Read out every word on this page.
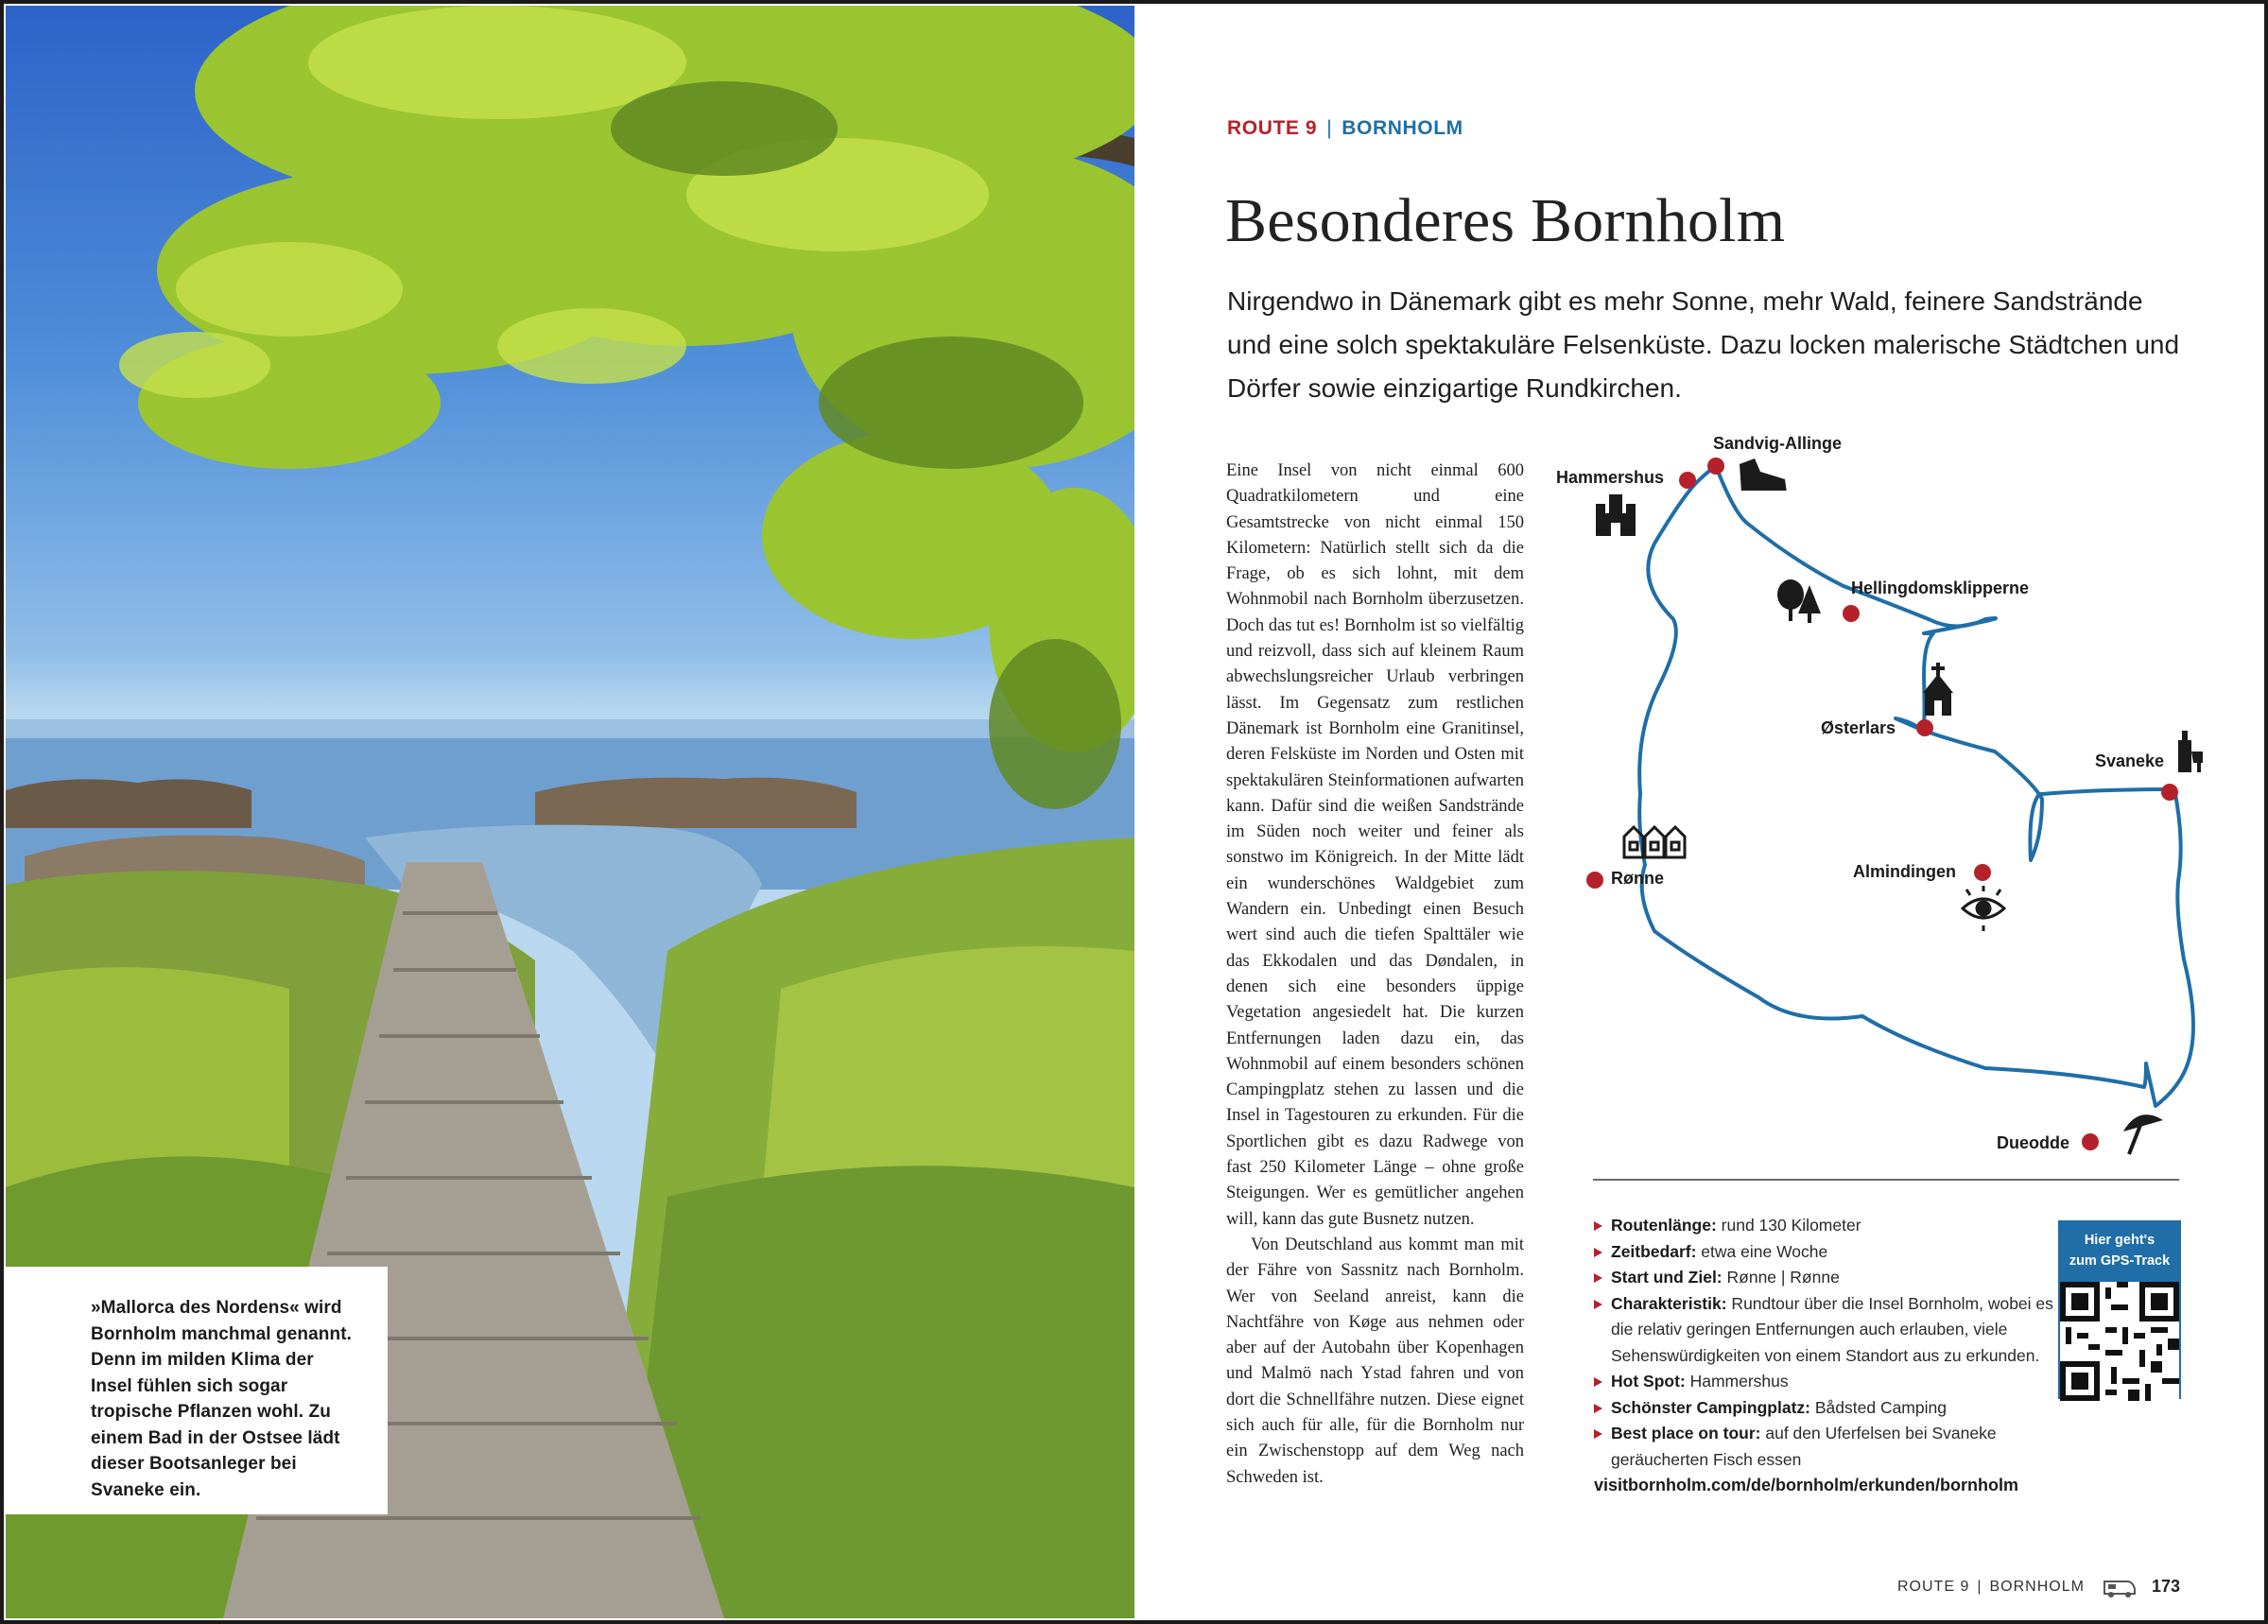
»Mallorca des Nordens« wird Bornholm manchmal genannt. Denn im milden Klima der Insel fühlen sich sogar tropische Pflanzen wohl. Zu einem Bad in der Ostsee lädt dieser Bootsanleger bei Svaneke ein.
ROUTE 9 | BORNHOLM
Besonderes Bornholm

Nirgendwo in Dänemark gibt es mehr Sonne, mehr Wald, feinere Sandstrände und eine solch spektakuläre Felsenküste. Dazu locken malerische Städtchen und Dörfer sowie einzigartige Rundkirchen.

Eine Insel von nicht einmal 600 Quadratkilometern und eine Gesamtstrecke von nicht einmal 150 Kilometern: Natürlich stellt sich da die Frage, ob es sich lohnt, mit dem Wohnmobil nach Bornholm überzusetzen. Doch das tut es! Bornholm ist so vielfältig und reizvoll, dass sich auf kleinem Raum abwechslungsreicher Urlaub verbringen lässt. Im Gegensatz zum restlichen Dänemark ist Bornholm eine Granitinsel, deren Felsküste im Norden und Osten mit spektakulären Steinformationen aufwarten kann. Dafür sind die weißen Sandstrände im Süden noch weiter und feiner als sonstwo im Königreich. In der Mitte lädt ein wunderschönes Waldgebiet zum Wandern ein. Unbedingt einen Besuch wert sind auch die tiefen Spalttäler wie das Ekkodalen und das Døndalen, in denen sich eine besonders üppige Vegetation angesiedelt hat. Die kurzen Entfernungen laden dazu ein, das Wohnmobil auf einem besonders schönen Campingplatz stehen zu lassen und die Insel in Tagestouren zu erkunden. Für die Sportlichen gibt es dazu Radwege von fast 250 Kilometer Länge – ohne große Steigungen. Wer es gemütlicher angehen will, kann das gute Busnetz nutzen.

Von Deutschland aus kommt man mit der Fähre von Sassnitz nach Bornholm. Wer von Seeland anreist, kann die Nachtfähre von Køge aus nehmen oder aber auf der Autobahn über Kopenhagen und Malmö nach Ystad fahren und von dort die Schnellfähre nutzen. Diese eignet sich auch für alle, für die Bornholm nur ein Zwischenstopp auf dem Weg nach Schweden ist.

Sandvig-Allinge
Hammershus
Hellingdomsklipperne
Østerlars
Svaneke
Rønne	Almindingen
Dueodde
Routenlänge: rund 130 Kilometer
Zeitbedarf: etwa eine Woche
Start und Ziel: Rønne | Rønne
Charakteristik: Rundtour über die Insel Bornholm, wobei es die relativ geringen Entfernungen auch erlauben, viele Sehenswürdigkeiten von einem Standort aus zu erkunden.
Hot Spot: Hammershus
Schönster Campingplatz: Bådsted Camping
Best place on tour: auf den Uferfelsen bei Svaneke geräucherten Fisch essen
visitbornholm.com/de/bornholm/erkunden/bornholm
Hier geht's
zum GPS-Track
ROUTE 9 | BORNHOLM	173
